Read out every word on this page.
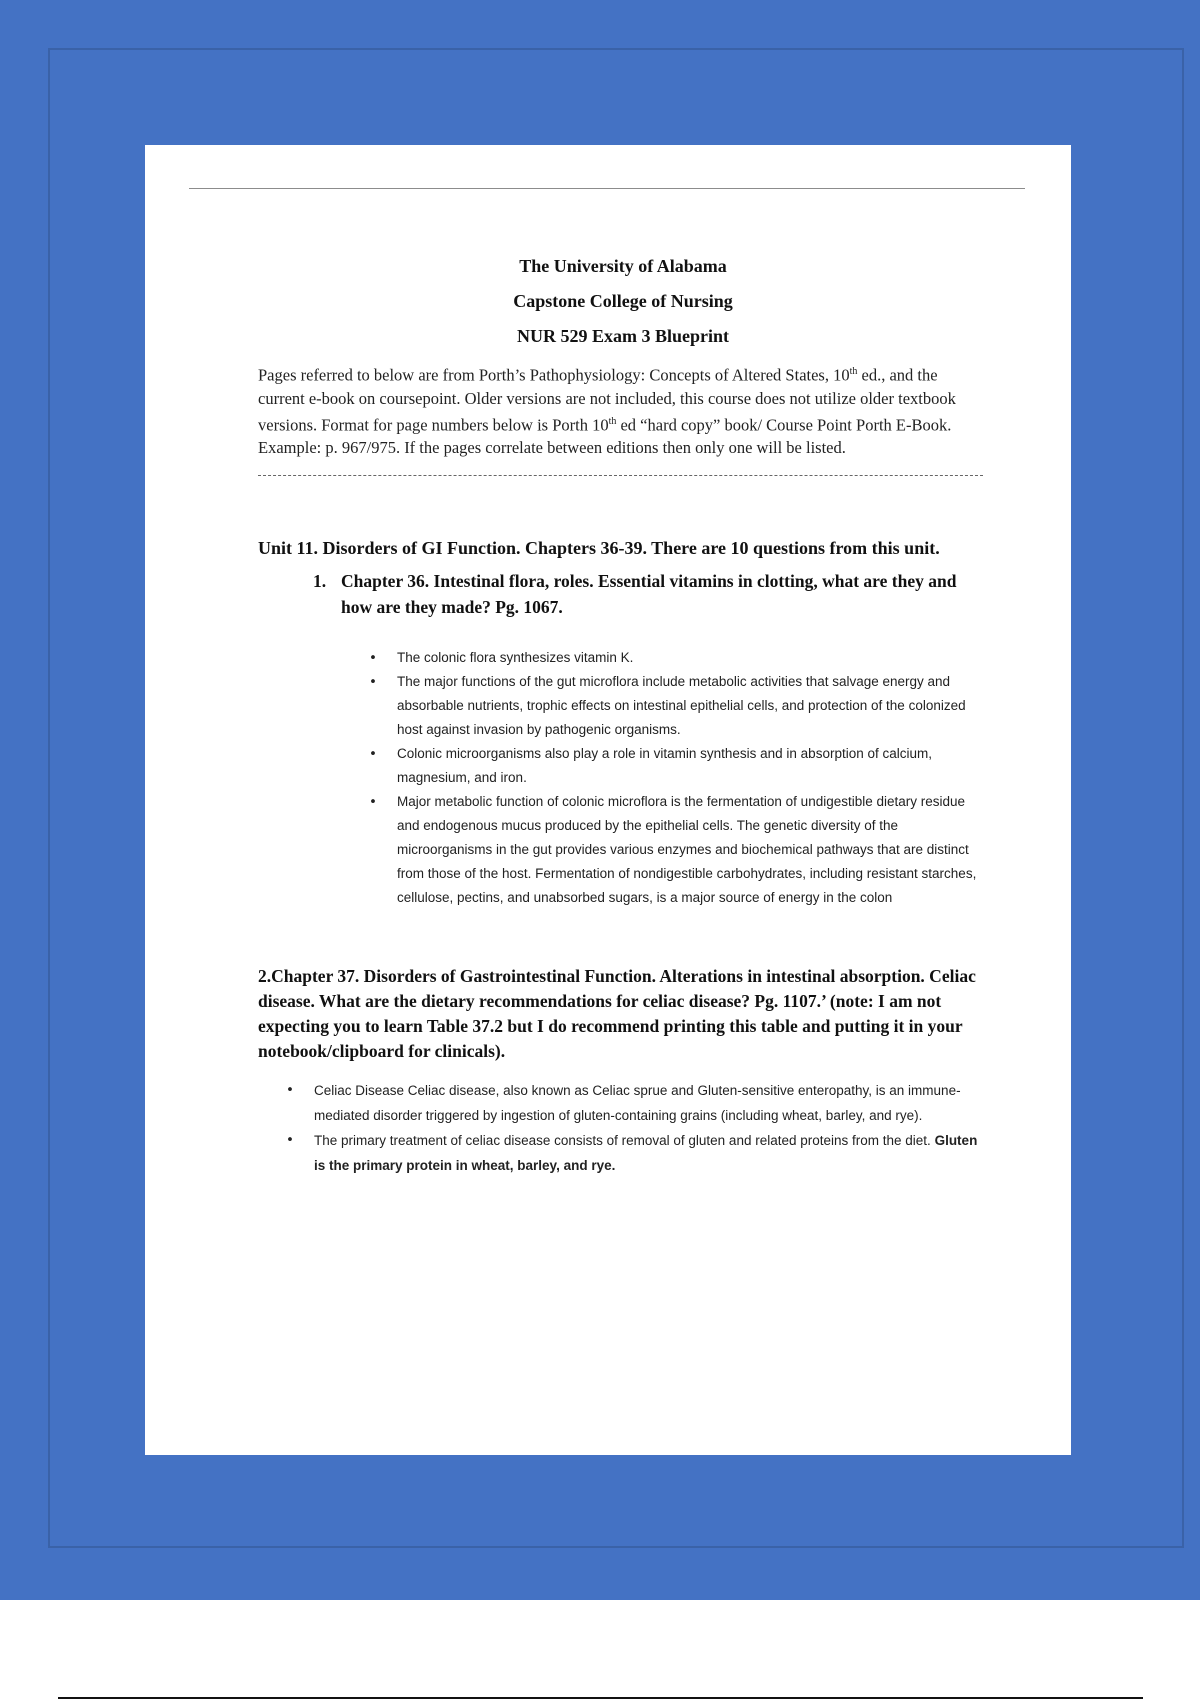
The University of Alabama

Capstone College of Nursing

NUR 529 Exam 3 Blueprint

Pages referred to below are from Porth’s Pathophysiology: Concepts of Altered States, 10th ed., and the current e-book on coursepoint. Older versions are not included, this course does not utilize older textbook versions. Format for page numbers below is Porth 10th ed “hard copy” book/ Course Point Porth E-Book. Example: p. 967/975. If the pages correlate between editions then only one will be listed.

Unit 11. Disorders of GI Function. Chapters 36-39. There are 10 questions from this unit.

1. Chapter 36. Intestinal flora, roles. Essential vitamins in clotting, what are they and how are they made? Pg. 1067.
• The colonic flora synthesizes vitamin K.
• The major functions of the gut microflora include metabolic activities that salvage energy and absorbable nutrients, trophic effects on intestinal epithelial cells, and protection of the colonized host against invasion by pathogenic organisms.
• Colonic microorganisms also play a role in vitamin synthesis and in absorption of calcium, magnesium, and iron.
• Major metabolic function of colonic microflora is the fermentation of undigestible dietary residue and endogenous mucus produced by the epithelial cells. The genetic diversity of the microorganisms in the gut provides various enzymes and biochemical pathways that are distinct from those of the host. Fermentation of nondigestible carbohydrates, including resistant starches, cellulose, pectins, and unabsorbed sugars, is a major source of energy in the colon

2.Chapter 37. Disorders of Gastrointestinal Function. Alterations in intestinal absorption. Celiac disease. What are the dietary recommendations for celiac disease? Pg. 1107.’ (note: I am not expecting you to learn Table 37.2 but I do recommend printing this table and putting it in your notebook/clipboard for clinicals).

• Celiac Disease Celiac disease, also known as Celiac sprue and Gluten-sensitive enteropathy, is an immune-mediated disorder triggered by ingestion of gluten-containing grains (including wheat, barley, and rye).
• The primary treatment of celiac disease consists of removal of gluten and related proteins from the diet. Gluten is the primary protein in wheat, barley, and rye.
